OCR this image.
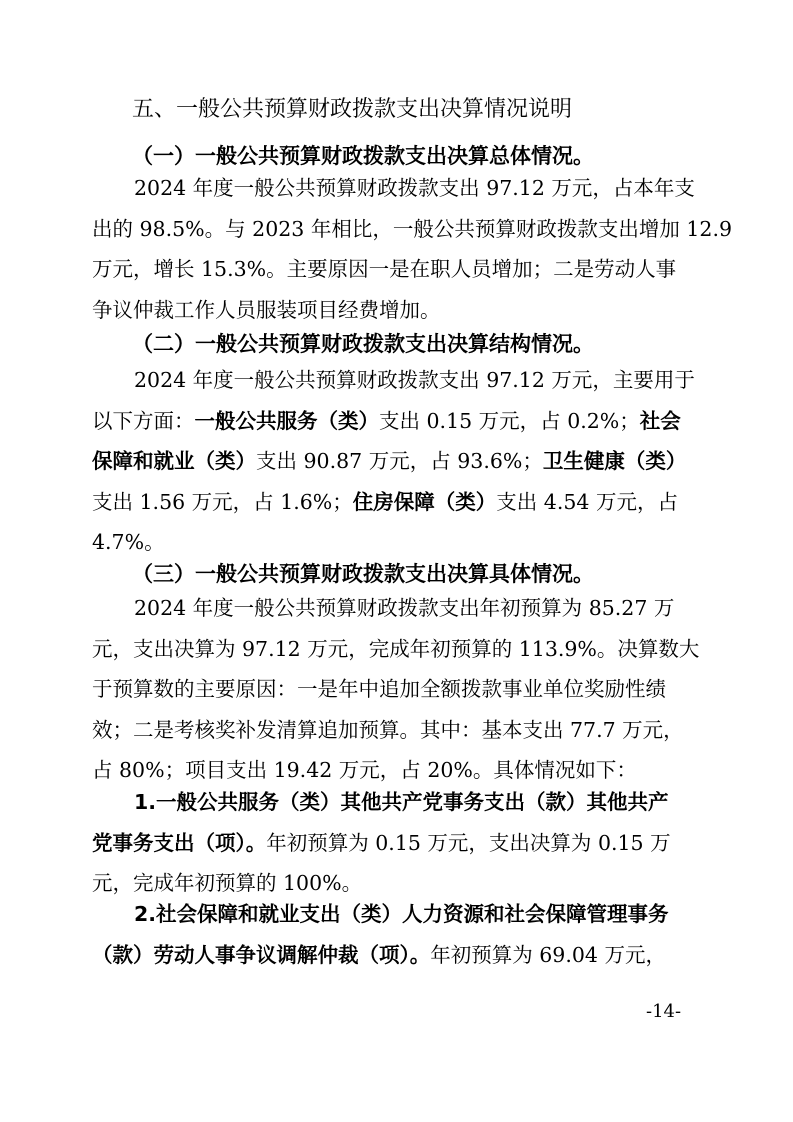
五、一般公共预算财政拨款支出决算情况说明
（一）一般公共预算财政拨款支出决算总体情况。
2024 年度一般公共预算财政拨款支出 97.12 万元，占本年支
出的 98.5%。与 2023 年相比，一般公共预算财政拨款支出增加 12.9
万元，增长 15.3%。主要原因一是在职人员增加；二是劳动人事
争议仲裁工作人员服装项目经费增加。
（二）一般公共预算财政拨款支出决算结构情况。
2024 年度一般公共预算财政拨款支出 97.12 万元，主要用于
以下方面：一般公共服务（类）支出 0.15 万元，占 0.2%；社会
保障和就业（类）支出 90.87 万元，占 93.6%；卫生健康（类）
支出 1.56 万元，占 1.6%；住房保障（类）支出 4.54 万元，占
4.7%。
（三）一般公共预算财政拨款支出决算具体情况。
2024 年度一般公共预算财政拨款支出年初预算为 85.27 万
元，支出决算为 97.12 万元，完成年初预算的 113.9%。决算数大
于预算数的主要原因：一是年中追加全额拨款事业单位奖励性绩
效；二是考核奖补发清算追加预算。其中：基本支出 77.7 万元，
占 80%；项目支出 19.42 万元，占 20%。具体情况如下：
1.一般公共服务（类）其他共产党事务支出（款）其他共产
党事务支出（项）。年初预算为 0.15 万元，支出决算为 0.15 万
元，完成年初预算的 100%。
2.社会保障和就业支出（类）人力资源和社会保障管理事务
（款）劳动人事争议调解仲裁（项）。年初预算为 69.04 万元，
-14-
